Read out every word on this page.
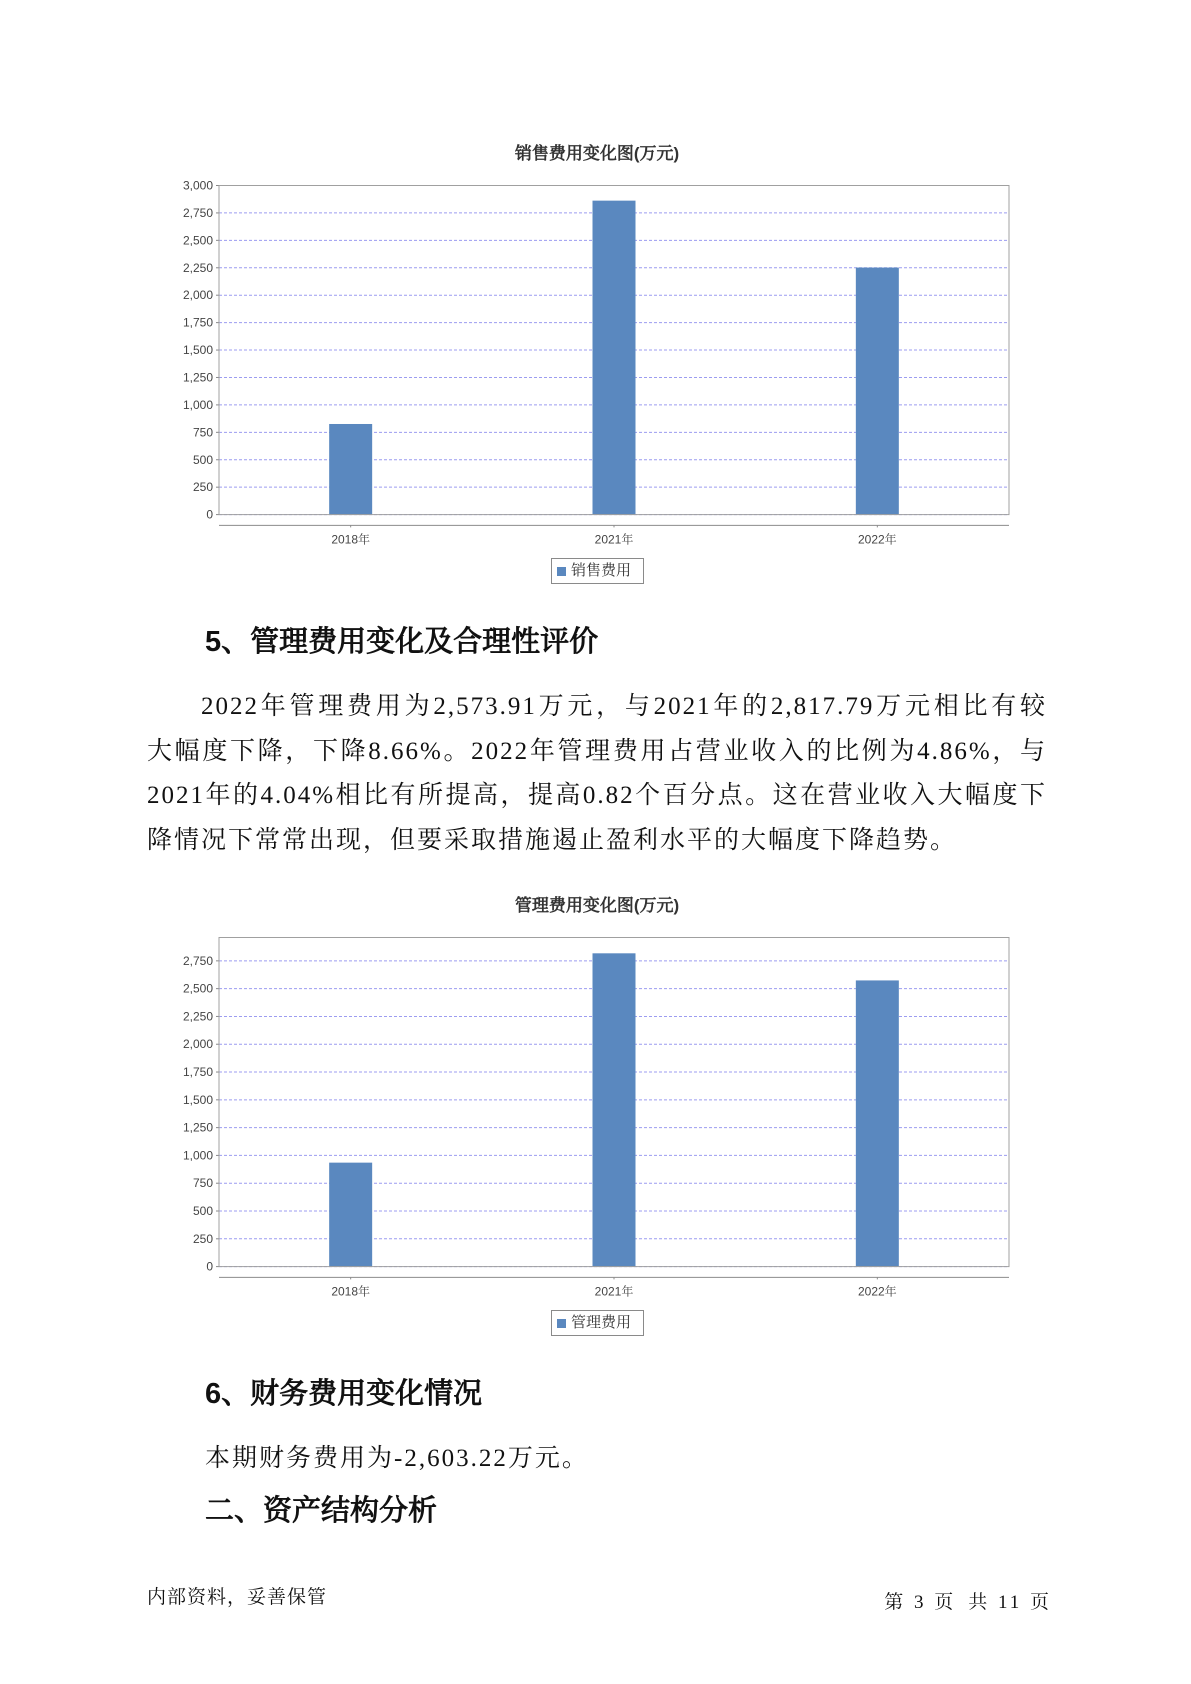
销售费用变化图(万元)
0
250
500
750
1,000
1,250
1,500
1,750
2,000
2,250
2,500
2,750
3,000
2018年	2021年	2022年
销售费用
5、管理费用变化及合理性评价
2022年管理费用为2,573.91万元，与2021年的2,817.79万元相比有较
大幅度下降，下降8.66%。2022年管理费用占营业收入的比例为4.86%，与
2021年的4.04%相比有所提高，提高0.82个百分点。这在营业收入大幅度下
降情况下常常出现，但要采取措施遏止盈利水平的大幅度下降趋势。
管理费用变化图(万元)
0
250
500
750
1,000
1,250
1,500
1,750
2,000
2,250
2,500
2,750
2018年	2021年	2022年
管理费用
6、财务费用变化情况
本期财务费用为-2,603.22万元。
二、资产结构分析
内部资料，妥善保管	第 3 页 共 11 页
